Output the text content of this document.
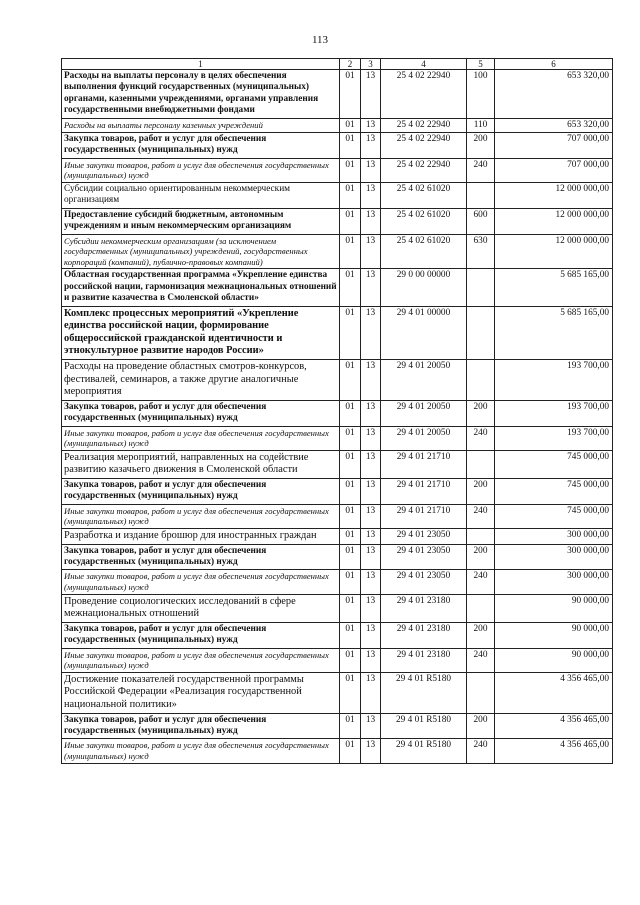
113
1	2	3	4	5	6
Расходы на выплаты персоналу в целях обеспечения выполнения функций государственных (муниципальных) органами, казенными учреждениями, органами управления государственными внебюджетными фондами	01	13	25 4 02 22940	100	653 320,00
Расходы на выплаты персоналу казенных учреждений	01	13	25 4 02 22940	110	653 320,00
Закупка товаров, работ и услуг для обеспечения государственных (муниципальных) нужд	01	13	25 4 02 22940	200	707 000,00
Иные закупки товаров, работ и услуг для обеспечения государственных (муниципальных) нужд	01	13	25 4 02 22940	240	707 000,00
Субсидии социально ориентированным некоммерческим организациям	01	13	25 4 02 61020		12 000 000,00
Предоставление субсидий бюджетным, автономным учреждениям и иным некоммерческим организациям	01	13	25 4 02 61020	600	12 000 000,00
Субсидии некоммерческим организациям (за исключением государственных (муниципальных) учреждений, государственных корпораций (компаний), публично-правовых компаний)	01	13	25 4 02 61020	630	12 000 000,00
Областная государственная программа «Укрепление единства российской нации, гармонизация межнациональных отношений и развитие казачества в Смоленской области»	01	13	29 0 00 00000		5 685 165,00
Комплекс процессных мероприятий «Укрепление единства российской нации, формирование общероссийской гражданской идентичности и этнокультурное развитие народов России»	01	13	29 4 01 00000		5 685 165,00
Расходы на проведение областных смотров-конкурсов, фестивалей, семинаров, а также другие аналогичные мероприятия	01	13	29 4 01 20050		193 700,00
Закупка товаров, работ и услуг для обеспечения государственных (муниципальных) нужд	01	13	29 4 01 20050	200	193 700,00
Иные закупки товаров, работ и услуг для обеспечения государственных (муниципальных) нужд	01	13	29 4 01 20050	240	193 700,00
Реализация мероприятий, направленных на содействие развитию казачьего движения в Смоленской области	01	13	29 4 01 21710		745 000,00
Закупка товаров, работ и услуг для обеспечения государственных (муниципальных) нужд	01	13	29 4 01 21710	200	745 000,00
Иные закупки товаров, работ и услуг для обеспечения государственных (муниципальных) нужд	01	13	29 4 01 21710	240	745 000,00
Разработка и издание брошюр для иностранных граждан	01	13	29 4 01 23050		300 000,00
Закупка товаров, работ и услуг для обеспечения государственных (муниципальных) нужд	01	13	29 4 01 23050	200	300 000,00
Иные закупки товаров, работ и услуг для обеспечения государственных (муниципальных) нужд	01	13	29 4 01 23050	240	300 000,00
Проведение социологических исследований в сфере межнациональных отношений	01	13	29 4 01 23180		90 000,00
Закупка товаров, работ и услуг для обеспечения государственных (муниципальных) нужд	01	13	29 4 01 23180	200	90 000,00
Иные закупки товаров, работ и услуг для обеспечения государственных (муниципальных) нужд	01	13	29 4 01 23180	240	90 000,00
Достижение показателей государственной программы Российской Федерации «Реализация государственной национальной политики»	01	13	29 4 01 R5180		4 356 465,00
Закупка товаров, работ и услуг для обеспечения государственных (муниципальных) нужд	01	13	29 4 01 R5180	200	4 356 465,00
Иные закупки товаров, работ и услуг для обеспечения государственных (муниципальных) нужд	01	13	29 4 01 R5180	240	4 356 465,00
